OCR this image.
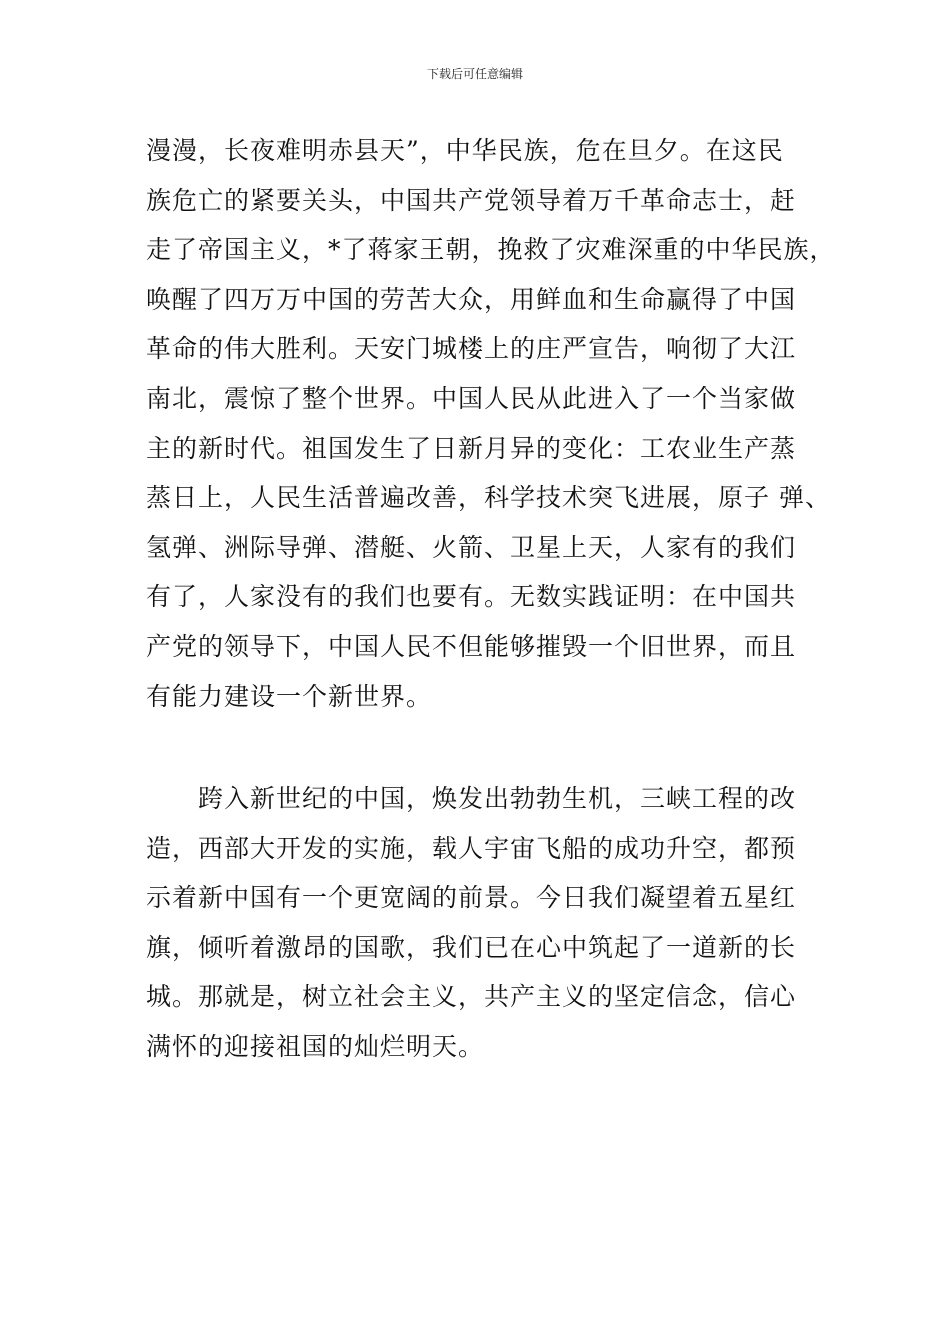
下载后可任意编辑
漫漫，长夜难明赤县天”，中华民族，危在旦夕。在这民
族危亡的紧要关头，中国共产党领导着万千革命志士，赶
走了帝国主义，*了蒋家王朝，挽救了灾难深重的中华民族，
唤醒了四万万中国的劳苦大众，用鲜血和生命赢得了中国
革命的伟大胜利。天安门城楼上的庄严宣告，响彻了大江
南北，震惊了整个世界。中国人民从此进入了一个当家做
主的新时代。祖国发生了日新月异的变化：工农业生产蒸
蒸日上，人民生活普遍改善，科学技术突飞进展，原子 弹、
氢弹、洲际导弹、潜艇、火箭、卫星上天，人家有的我们
有了，人家没有的我们也要有。无数实践证明：在中国共
产党的领导下，中国人民不但能够摧毁一个旧世界，而且
有能力建设一个新世界。
　　跨入新世纪的中国，焕发出勃勃生机，三峡工程的改
造，西部大开发的实施，载人宇宙飞船的成功升空，都预
示着新中国有一个更宽阔的前景。今日我们凝望着五星红
旗，倾听着激昂的国歌，我们已在心中筑起了一道新的长
城。那就是，树立社会主义，共产主义的坚定信念，信心
满怀的迎接祖国的灿烂明天。
